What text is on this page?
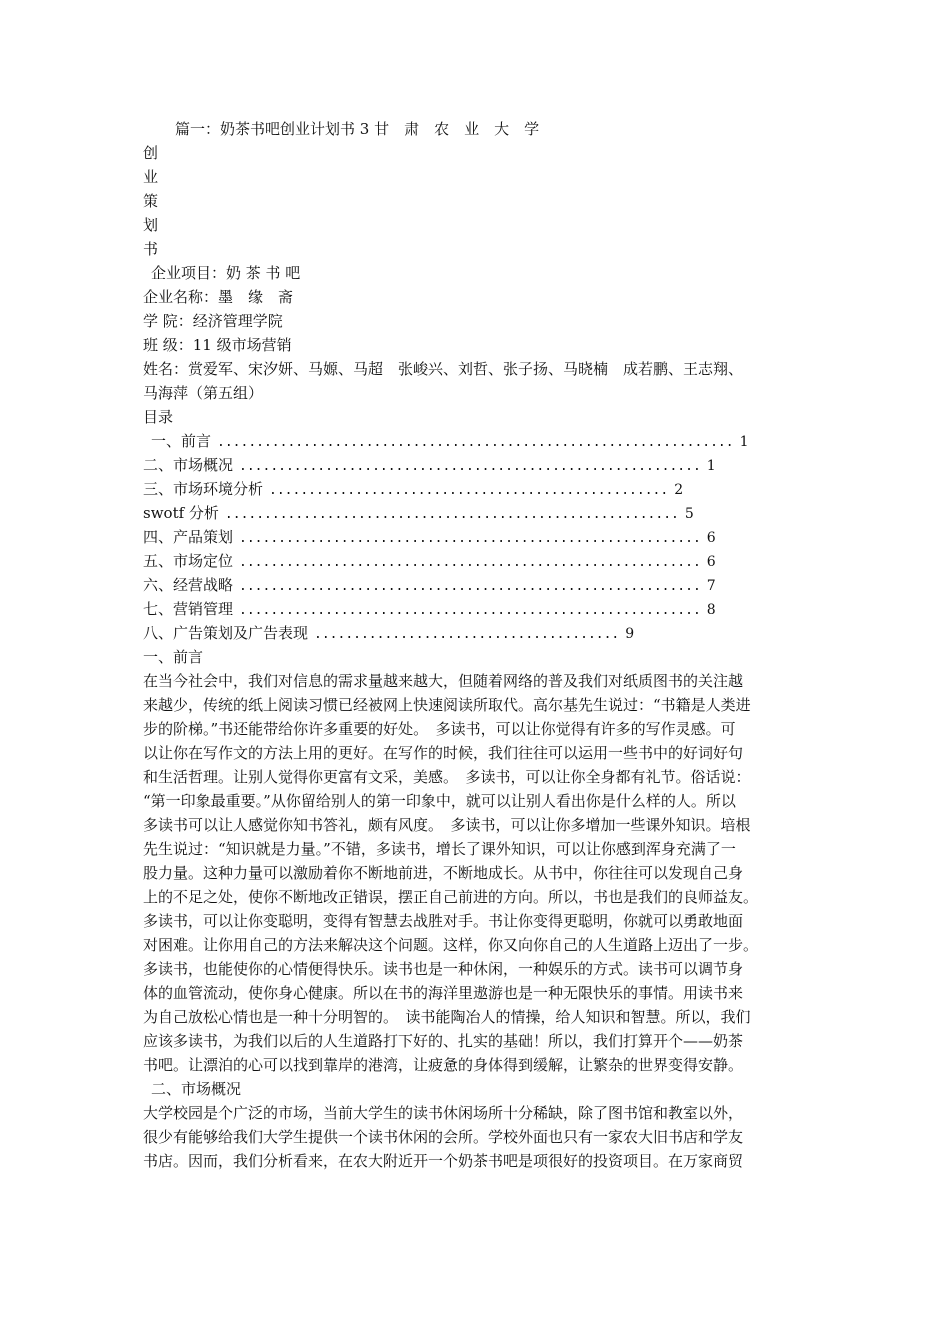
篇一：奶茶书吧创业计划书 3 甘　肃　农　业　大　学
创
业
策
划
书
企业项目：奶 茶 书 吧
企业名称：墨　缘　斋
学 院：经济管理学院
班 级：11 级市场营销
姓名：赏爱军、宋汐妍、马嫄、马超　张峻兴、刘哲、张子扬、马晓楠　成若鹏、王志翔、
马海萍（第五组）
目录
一、前言 .................................................................. 1
二、市场概况 ........................................................... 1
三、市场环境分析 ................................................... 2
swotf 分析 .......................................................... 5
四、产品策划 ........................................................... 6
五、市场定位 ........................................................... 6
六、经营战略 ........................................................... 7
七、营销管理 ........................................................... 8
八、广告策划及广告表现 ....................................... 9
一、前言
在当今社会中，我们对信息的需求量越来越大，但随着网络的普及我们对纸质图书的关注越
来越少，传统的纸上阅读习惯已经被网上快速阅读所取代。高尔基先生说过：“书籍是人类进
步的阶梯。”书还能带给你许多重要的好处。　多读书，可以让你觉得有许多的写作灵感。可
以让你在写作文的方法上用的更好。在写作的时候，我们往往可以运用一些书中的好词好句
和生活哲理。让别人觉得你更富有文采，美感。　多读书，可以让你全身都有礼节。俗话说：
“第一印象最重要。”从你留给别人的第一印象中，就可以让别人看出你是什么样的人。所以
多读书可以让人感觉你知书答礼，颇有风度。　多读书，可以让你多增加一些课外知识。培根
先生说过：“知识就是力量。”不错，多读书，增长了课外知识，可以让你感到浑身充满了一
股力量。这种力量可以激励着你不断地前进，不断地成长。从书中，你往往可以发现自己身
上的不足之处，使你不断地改正错误，摆正自己前进的方向。所以，书也是我们的良师益友。
多读书，可以让你变聪明，变得有智慧去战胜对手。书让你变得更聪明，你就可以勇敢地面
对困难。让你用自己的方法来解决这个问题。这样，你又向你自己的人生道路上迈出了一步。
多读书，也能使你的心情便得快乐。读书也是一种休闲，一种娱乐的方式。读书可以调节身
体的血管流动，使你身心健康。所以在书的海洋里遨游也是一种无限快乐的事情。用读书来
为自己放松心情也是一种十分明智的。　读书能陶冶人的情操，给人知识和智慧。所以，我们
应该多读书，为我们以后的人生道路打下好的、扎实的基础！所以，我们打算开个——奶茶
书吧。让漂泊的心可以找到靠岸的港湾，让疲惫的身体得到缓解，让繁杂的世界变得安静。
二、市场概况
大学校园是个广泛的市场，当前大学生的读书休闲场所十分稀缺，除了图书馆和教室以外，
很少有能够给我们大学生提供一个读书休闲的会所。学校外面也只有一家农大旧书店和学友
书店。因而，我们分析看来，在农大附近开一个奶茶书吧是项很好的投资项目。在万家商贸
